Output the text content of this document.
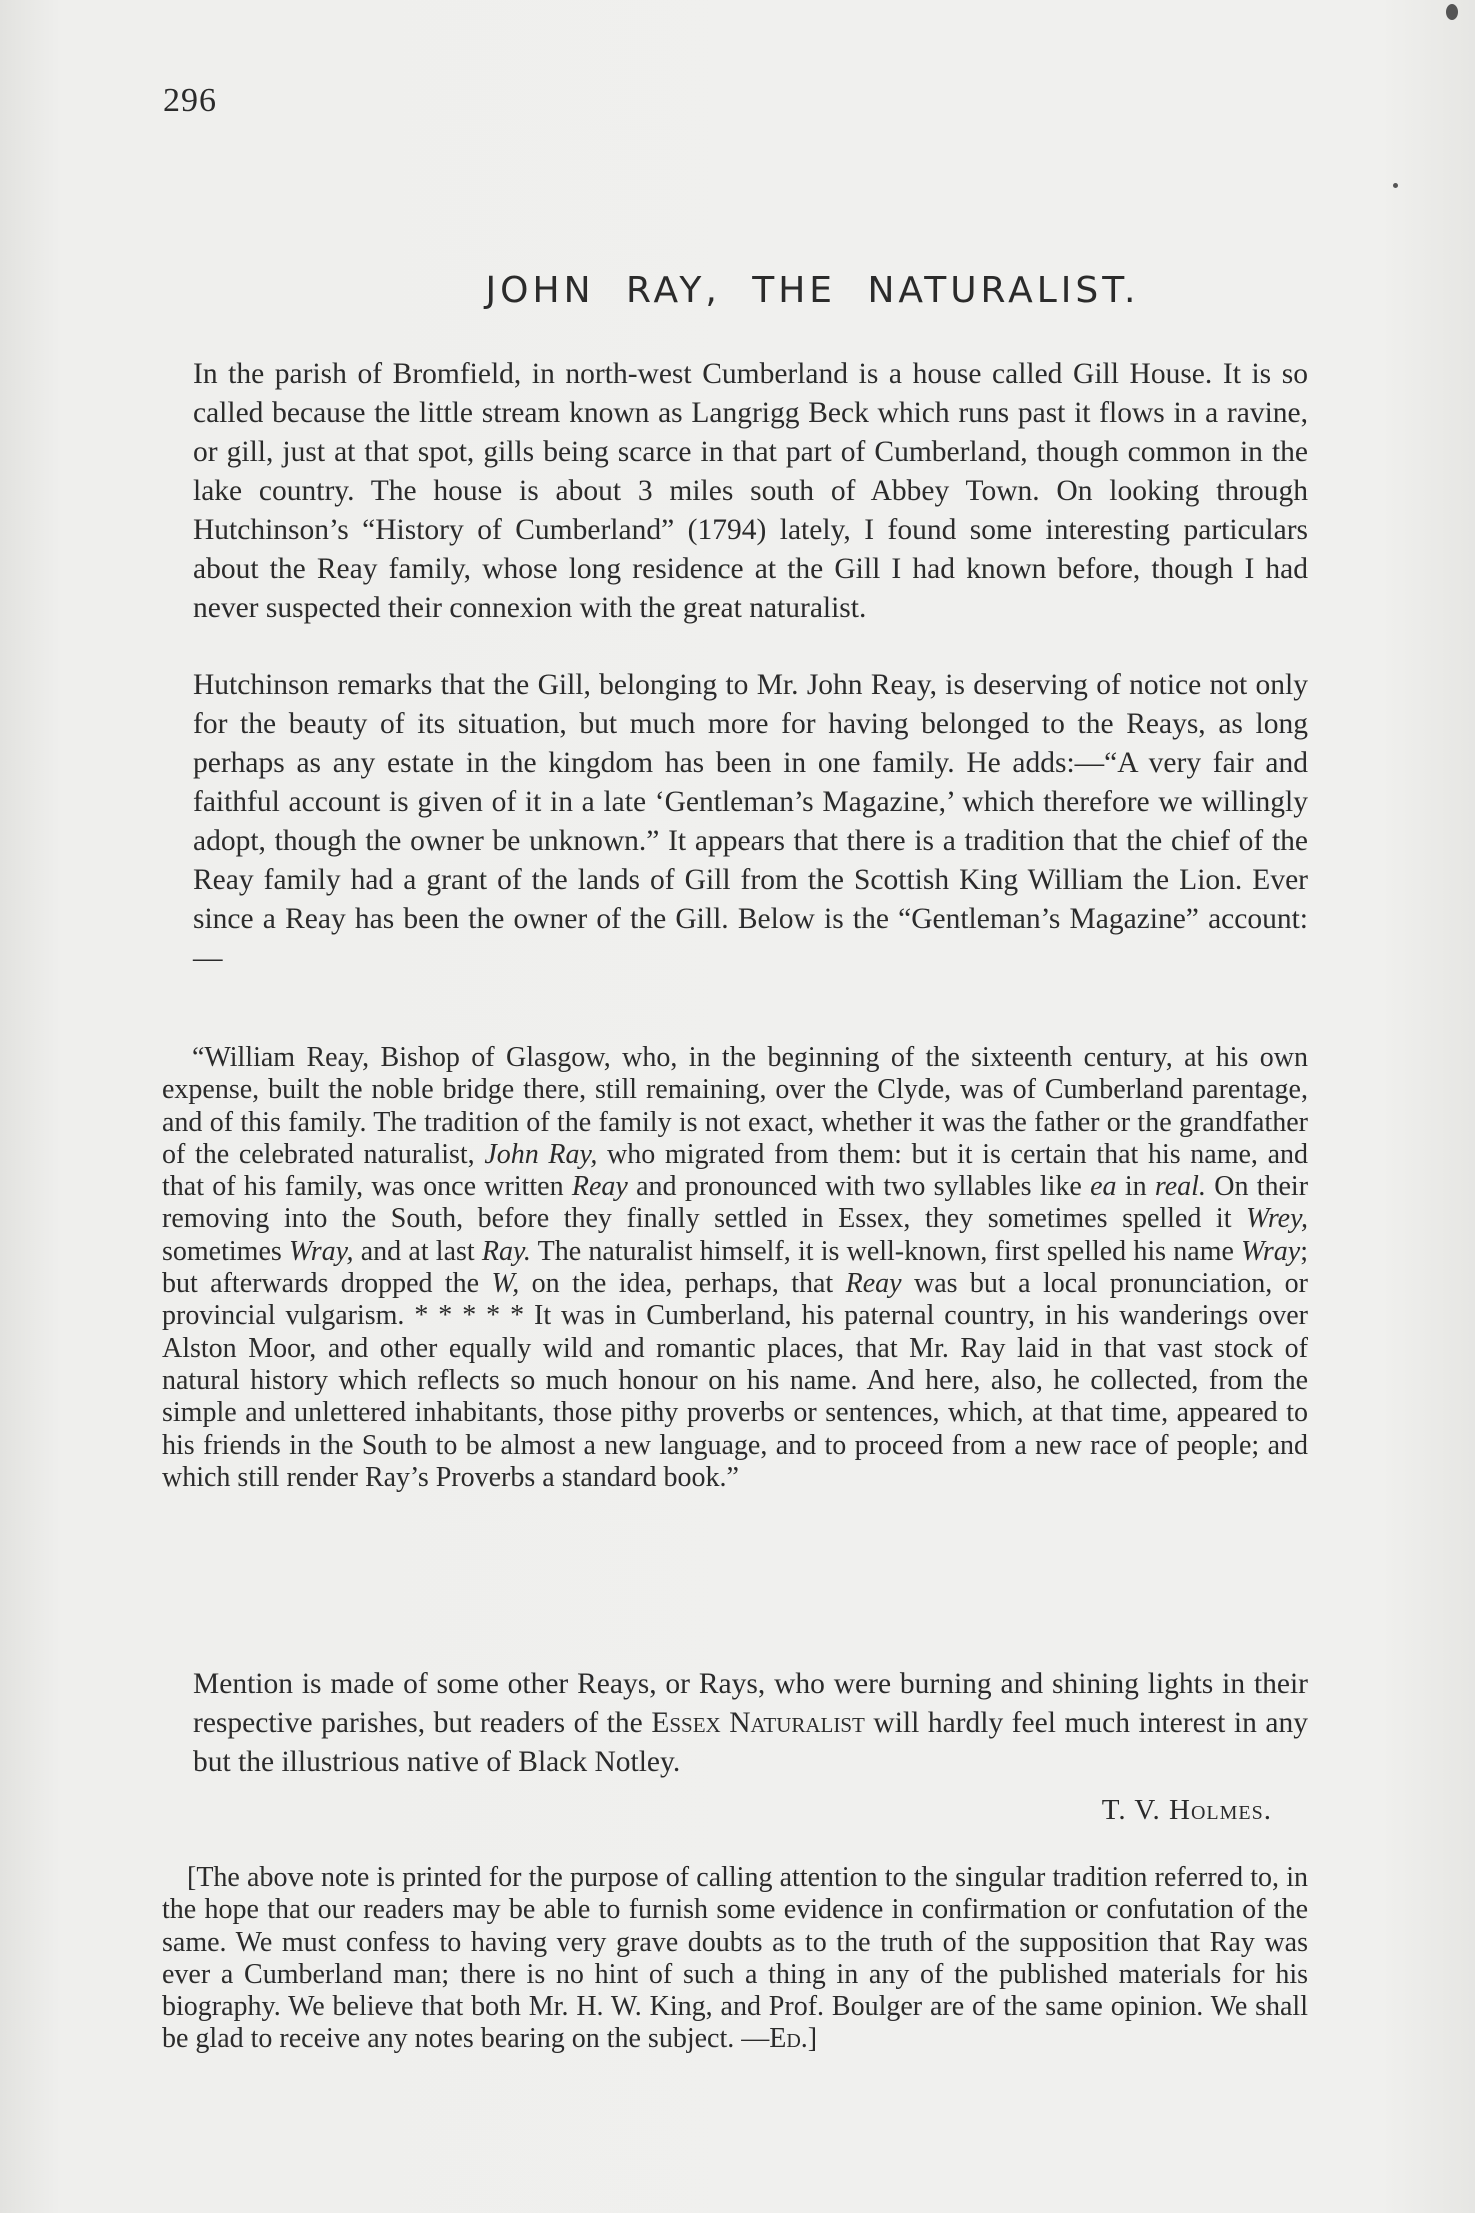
296
JOHN RAY, THE NATURALIST.

In the parish of Bromfield, in north-west Cumberland is a house called Gill House. It is so called because the little stream known as Langrigg Beck which runs past it flows in a ravine, or gill, just at that spot, gills being scarce in that part of Cumberland, though common in the lake country. The house is about 3 miles south of Abbey Town. On looking through Hutchinson’s “History of Cumberland” (1794) lately, I found some interesting particulars about the Reay family, whose long residence at the Gill I had known before, though I had never suspected their connexion with the great naturalist.

Hutchinson remarks that the Gill, belonging to Mr. John Reay, is deserving of notice not only for the beauty of its situation, but much more for having belonged to the Reays, as long perhaps as any estate in the kingdom has been in one family. He adds:—“A very fair and faithful account is given of it in a late ‘Gentleman’s Magazine,’ which therefore we willingly adopt, though the owner be unknown.” It appears that there is a tradition that the chief of the Reay family had a grant of the lands of Gill from the Scottish King William the Lion. Ever since a Reay has been the owner of the Gill. Below is the “Gentleman’s Magazine” account:—

“William Reay, Bishop of Glasgow, who, in the beginning of the sixteenth century, at his own expense, built the noble bridge there, still remaining, over the Clyde, was of Cumberland parentage, and of this family. The tradition of the family is not exact, whether it was the father or the grandfather of the celebrated naturalist, John Ray, who migrated from them: but it is certain that his name, and that of his family, was once written Reay and pronounced with two syllables like ea in real. On their removing into the South, before they finally settled in Essex, they sometimes spelled it Wrey, sometimes Wray, and at last Ray. The naturalist himself, it is well-known, first spelled his name Wray; but afterwards dropped the W, on the idea, perhaps, that Reay was but a local pronunciation, or provincial vulgarism. * * * * * It was in Cumberland, his paternal country, in his wanderings over Alston Moor, and other equally wild and romantic places, that Mr. Ray laid in that vast stock of natural history which reflects so much honour on his name. And here, also, he collected, from the simple and unlettered inhabitants, those pithy proverbs or sentences, which, at that time, appeared to his friends in the South to be almost a new language, and to proceed from a new race of people; and which still render Ray’s Proverbs a standard book.”

Mention is made of some other Reays, or Rays, who were burning and shining lights in their respective parishes, but readers of the Essex Naturalist will hardly feel much interest in any but the illustrious native of Black Notley.

T. V. Holmes.

[The above note is printed for the purpose of calling attention to the singular tradition referred to, in the hope that our readers may be able to furnish some evidence in confirmation or confutation of the same. We must confess to having very grave doubts as to the truth of the supposition that Ray was ever a Cumberland man; there is no hint of such a thing in any of the published materials for his biography. We believe that both Mr. H. W. King, and Prof. Boulger are of the same opinion. We shall be glad to receive any notes bearing on the subject. —Ed.]
